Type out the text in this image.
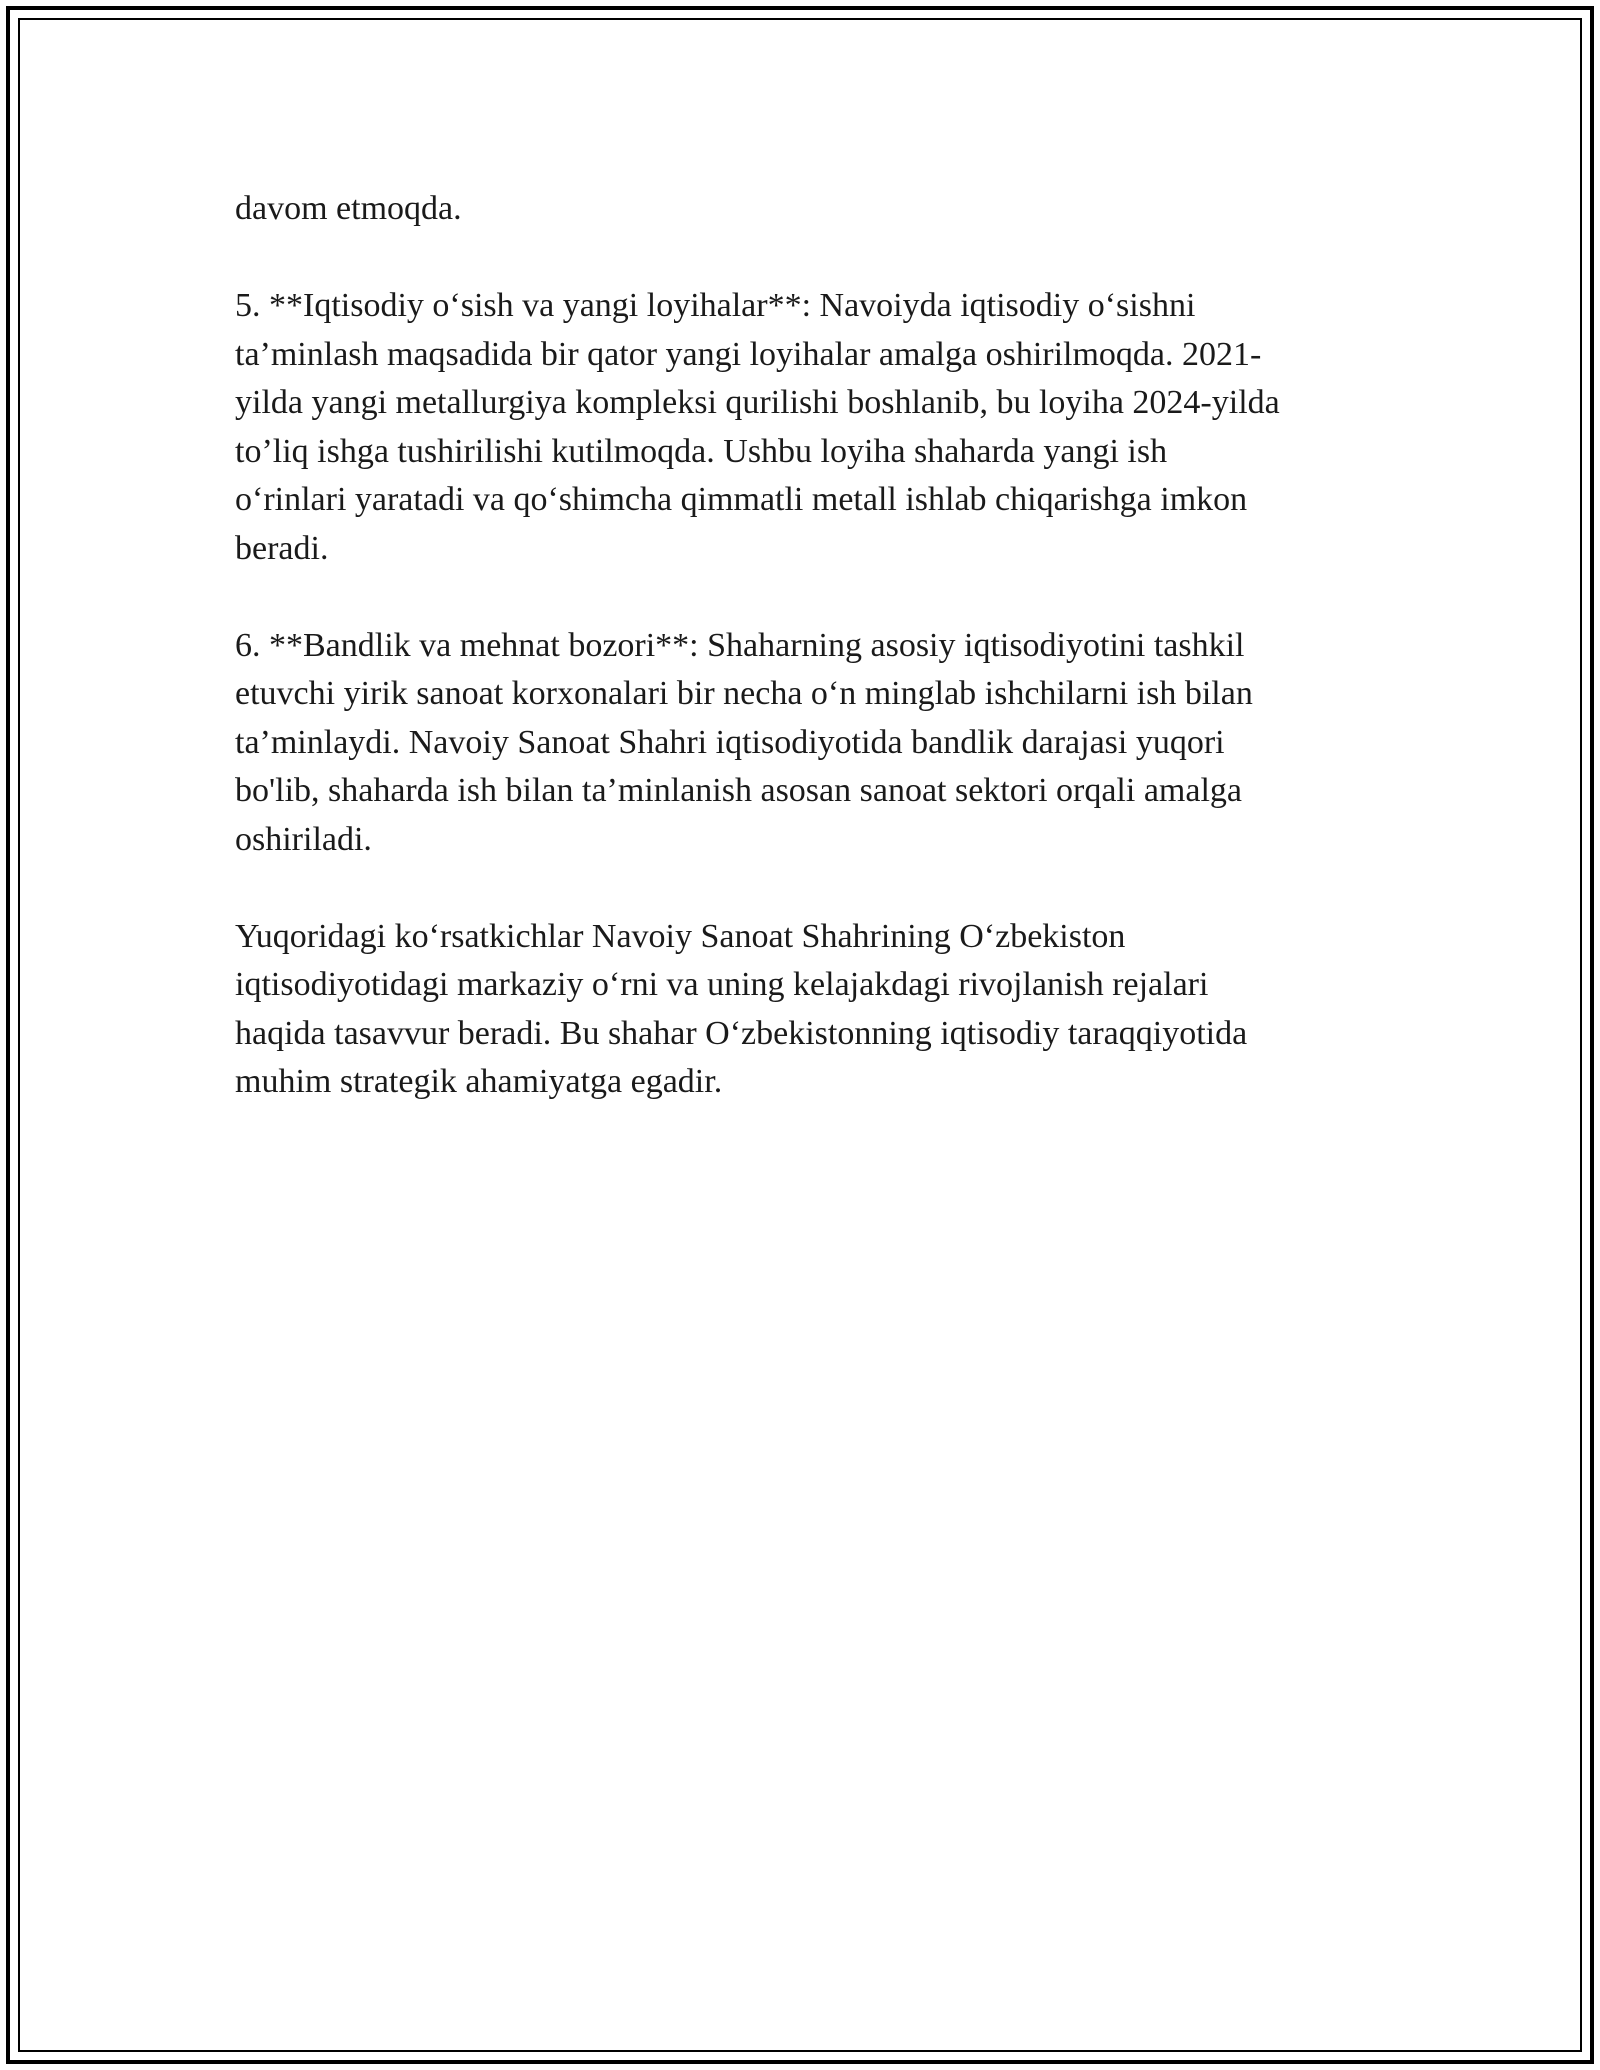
davom etmoqda.

5. **Iqtisodiy o‘sish va yangi loyihalar**: Navoiyda iqtisodiy o‘sishni
ta’minlash maqsadida bir qator yangi loyihalar amalga oshirilmoqda. 2021-
yilda yangi metallurgiya kompleksi qurilishi boshlanib, bu loyiha 2024-yilda
to’liq ishga tushirilishi kutilmoqda. Ushbu loyiha shaharda yangi ish
o‘rinlari yaratadi va qo‘shimcha qimmatli metall ishlab chiqarishga imkon
beradi.

6. **Bandlik va mehnat bozori**: Shaharning asosiy iqtisodiyotini tashkil
etuvchi yirik sanoat korxonalari bir necha o‘n minglab ishchilarni ish bilan
ta’minlaydi. Navoiy Sanoat Shahri iqtisodiyotida bandlik darajasi yuqori
bo'lib, shaharda ish bilan ta’minlanish asosan sanoat sektori orqali amalga
oshiriladi.

Yuqoridagi ko‘rsatkichlar Navoiy Sanoat Shahrining O‘zbekiston
iqtisodiyotidagi markaziy o‘rni va uning kelajakdagi rivojlanish rejalari
haqida tasavvur beradi. Bu shahar O‘zbekistonning iqtisodiy taraqqiyotida
muhim strategik ahamiyatga egadir.
